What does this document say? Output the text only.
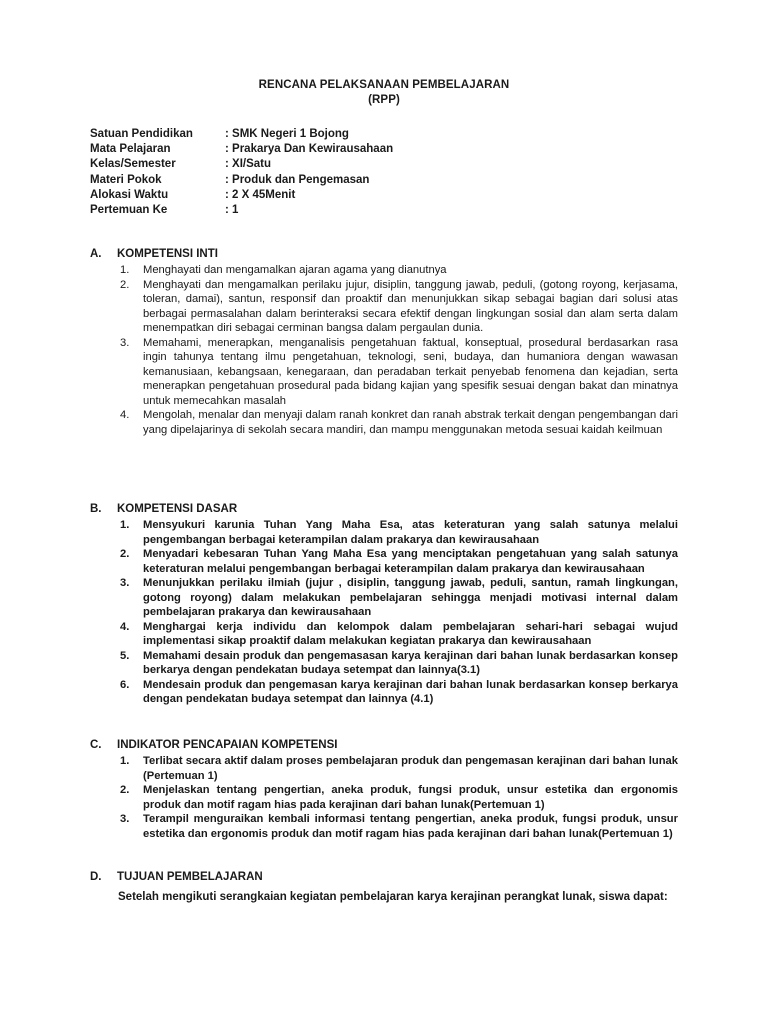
RENCANA PELAKSANAAN PEMBELAJARAN
(RPP)
Satuan Pendidikan	: SMK Negeri 1 Bojong
Mata Pelajaran	: Prakarya Dan Kewirausahaan
Kelas/Semester	: XI/Satu
Materi Pokok	: Produk dan Pengemasan
Alokasi Waktu	: 2 X 45Menit
Pertemuan Ke	: 1
A. KOMPETENSI INTI

1. Menghayati dan mengamalkan ajaran agama yang dianutnya

2. Menghayati dan mengamalkan perilaku jujur, disiplin, tanggung jawab, peduli, (gotong royong, kerjasama, toleran, damai), santun, responsif dan proaktif dan menunjukkan sikap sebagai bagian dari solusi atas berbagai permasalahan dalam berinteraksi secara efektif dengan lingkungan sosial dan alam serta dalam menempatkan diri sebagai cerminan bangsa dalam pergaulan dunia.

3. Memahami, menerapkan, menganalisis pengetahuan faktual, konseptual, prosedural berdasarkan rasa ingin tahunya tentang ilmu pengetahuan, teknologi, seni, budaya, dan humaniora dengan wawasan kemanusiaan, kebangsaan, kenegaraan, dan peradaban terkait penyebab fenomena dan kejadian, serta menerapkan pengetahuan prosedural pada bidang kajian yang spesifik sesuai dengan bakat dan minatnya untuk memecahkan masalah

4. Mengolah, menalar dan menyaji dalam ranah konkret dan ranah abstrak terkait dengan pengembangan dari yang dipelajarinya di sekolah secara mandiri, dan mampu menggunakan metoda sesuai kaidah keilmuan

B. KOMPETENSI DASAR

1. Mensyukuri karunia Tuhan Yang Maha Esa, atas keteraturan yang salah satunya melalui pengembangan berbagai keterampilan dalam prakarya dan kewirausahaan

2. Menyadari kebesaran Tuhan Yang Maha Esa yang menciptakan pengetahuan yang salah satunya keteraturan melalui pengembangan berbagai keterampilan dalam prakarya dan kewirausahaan

3. Menunjukkan perilaku ilmiah (jujur , disiplin, tanggung jawab, peduli, santun, ramah lingkungan, gotong royong) dalam melakukan pembelajaran sehingga menjadi motivasi internal dalam pembelajaran prakarya dan kewirausahaan

4. Menghargai kerja individu dan kelompok dalam pembelajaran sehari-hari sebagai wujud implementasi sikap proaktif dalam melakukan kegiatan prakarya dan kewirausahaan

5. Memahami desain produk dan pengemasasan karya kerajinan dari bahan lunak berdasarkan konsep berkarya dengan pendekatan budaya setempat dan lainnya(3.1)

6. Mendesain produk dan pengemasan karya kerajinan dari bahan lunak berdasarkan konsep berkarya dengan pendekatan budaya setempat dan lainnya (4.1)

C. INDIKATOR PENCAPAIAN KOMPETENSI

1. Terlibat secara aktif dalam proses pembelajaran produk dan pengemasan kerajinan dari bahan lunak (Pertemuan 1)

2. Menjelaskan tentang pengertian, aneka produk, fungsi produk, unsur estetika dan ergonomis produk dan motif ragam hias pada kerajinan dari bahan lunak(Pertemuan 1)

3. Terampil menguraikan kembali informasi tentang pengertian, aneka produk, fungsi produk, unsur estetika dan ergonomis produk dan motif ragam hias pada kerajinan dari bahan lunak(Pertemuan 1)

D. TUJUAN PEMBELAJARAN
Setelah mengikuti serangkaian kegiatan pembelajaran karya kerajinan perangkat lunak, siswa dapat:
